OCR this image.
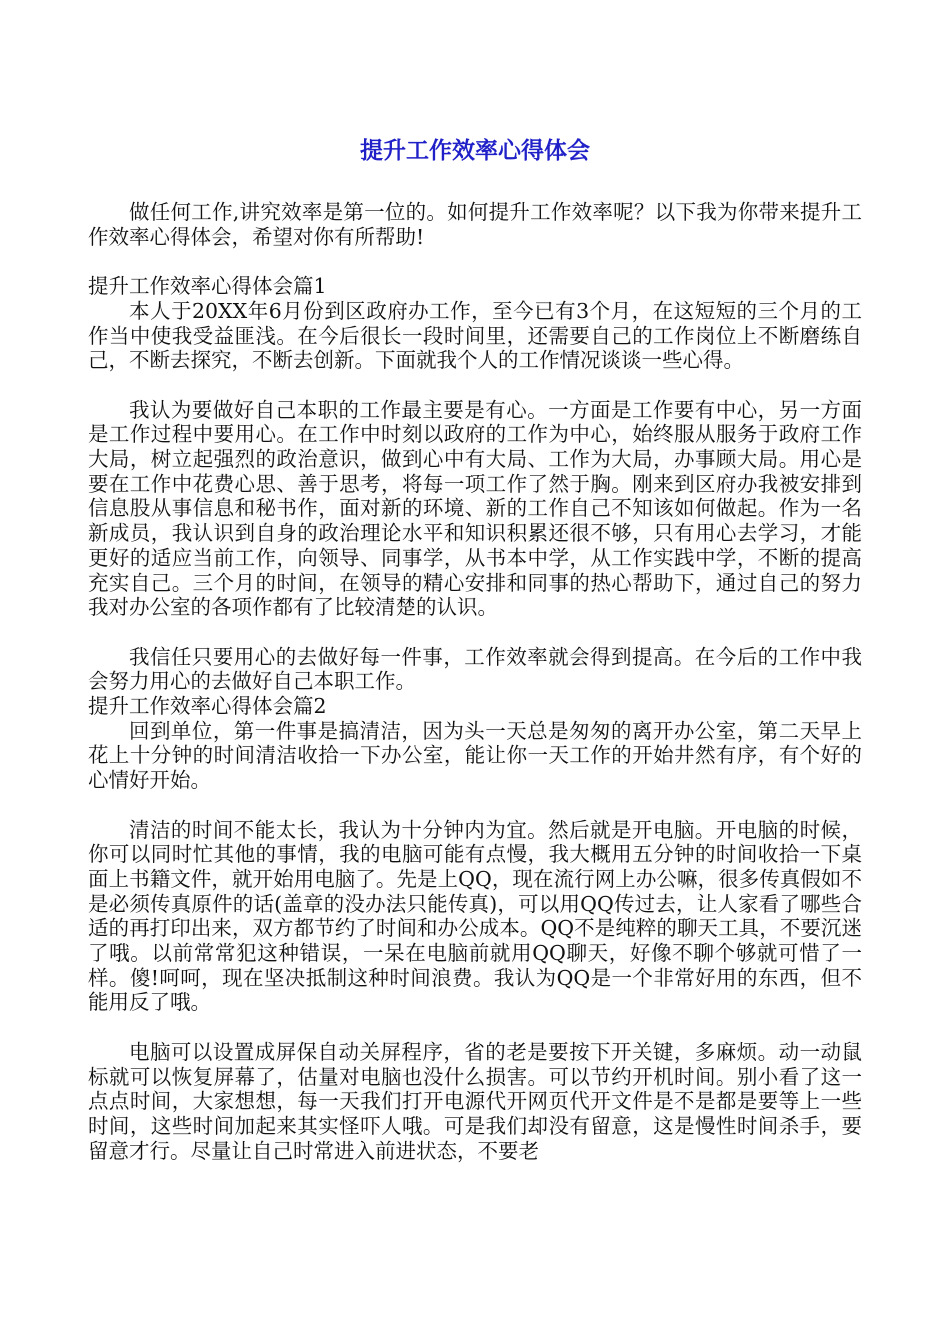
提升工作效率心得体会

做任何工作,讲究效率是第一位的。如何提升工作效率呢？以下我为你带来提升工作效率心得体会，希望对你有所帮助!

提升工作效率心得体会篇1

本人于20XX年6月份到区政府办工作，至今已有3个月，在这短短的三个月的工作当中使我受益匪浅。在今后很长一段时间里，还需要自己的工作岗位上不断磨练自己，不断去探究，不断去创新。下面就我个人的工作情况谈谈一些心得。

我认为要做好自己本职的工作最主要是有心。一方面是工作要有中心，另一方面是工作过程中要用心。在工作中时刻以政府的工作为中心，始终服从服务于政府工作大局，树立起强烈的政治意识，做到心中有大局、工作为大局，办事顾大局。用心是要在工作中花费心思、善于思考，将每一项工作了然于胸。刚来到区府办我被安排到信息股从事信息和秘书作，面对新的环境、新的工作自己不知该如何做起。作为一名新成员，我认识到自身的政治理论水平和知识积累还很不够，只有用心去学习，才能更好的适应当前工作，向领导、同事学，从书本中学，从工作实践中学，不断的提高充实自己。三个月的时间，在领导的精心安排和同事的热心帮助下，通过自己的努力我对办公室的各项作都有了比较清楚的认识。

我信任只要用心的去做好每一件事，工作效率就会得到提高。在今后的工作中我会努力用心的去做好自己本职工作。

提升工作效率心得体会篇2

回到单位，第一件事是搞清洁，因为头一天总是匆匆的离开办公室，第二天早上花上十分钟的时间清洁收拾一下办公室，能让你一天工作的开始井然有序，有个好的心情好开始。

清洁的时间不能太长，我认为十分钟内为宜。然后就是开电脑。开电脑的时候，你可以同时忙其他的事情，我的电脑可能有点慢，我大概用五分钟的时间收拾一下桌面上书籍文件，就开始用电脑了。先是上QQ，现在流行网上办公嘛，很多传真假如不是必须传真原件的话(盖章的没办法只能传真)，可以用QQ传过去，让人家看了哪些合适的再打印出来，双方都节约了时间和办公成本。QQ不是纯粹的聊天工具，不要沉迷了哦。以前常常犯这种错误，一呆在电脑前就用QQ聊天，好像不聊个够就可惜了一样。傻!呵呵，现在坚决抵制这种时间浪费。我认为QQ是一个非常好用的东西，但不能用反了哦。

电脑可以设置成屏保自动关屏程序，省的老是要按下开关键，多麻烦。动一动鼠标就可以恢复屏幕了，估量对电脑也没什么损害。可以节约开机时间。别小看了这一点点时间，大家想想，每一天我们打开电源代开网页代开文件是不是都是要等上一些时间，这些时间加起来其实怪吓人哦。可是我们却没有留意，这是慢性时间杀手，要留意才行。尽量让自己时常进入前进状态，不要老
